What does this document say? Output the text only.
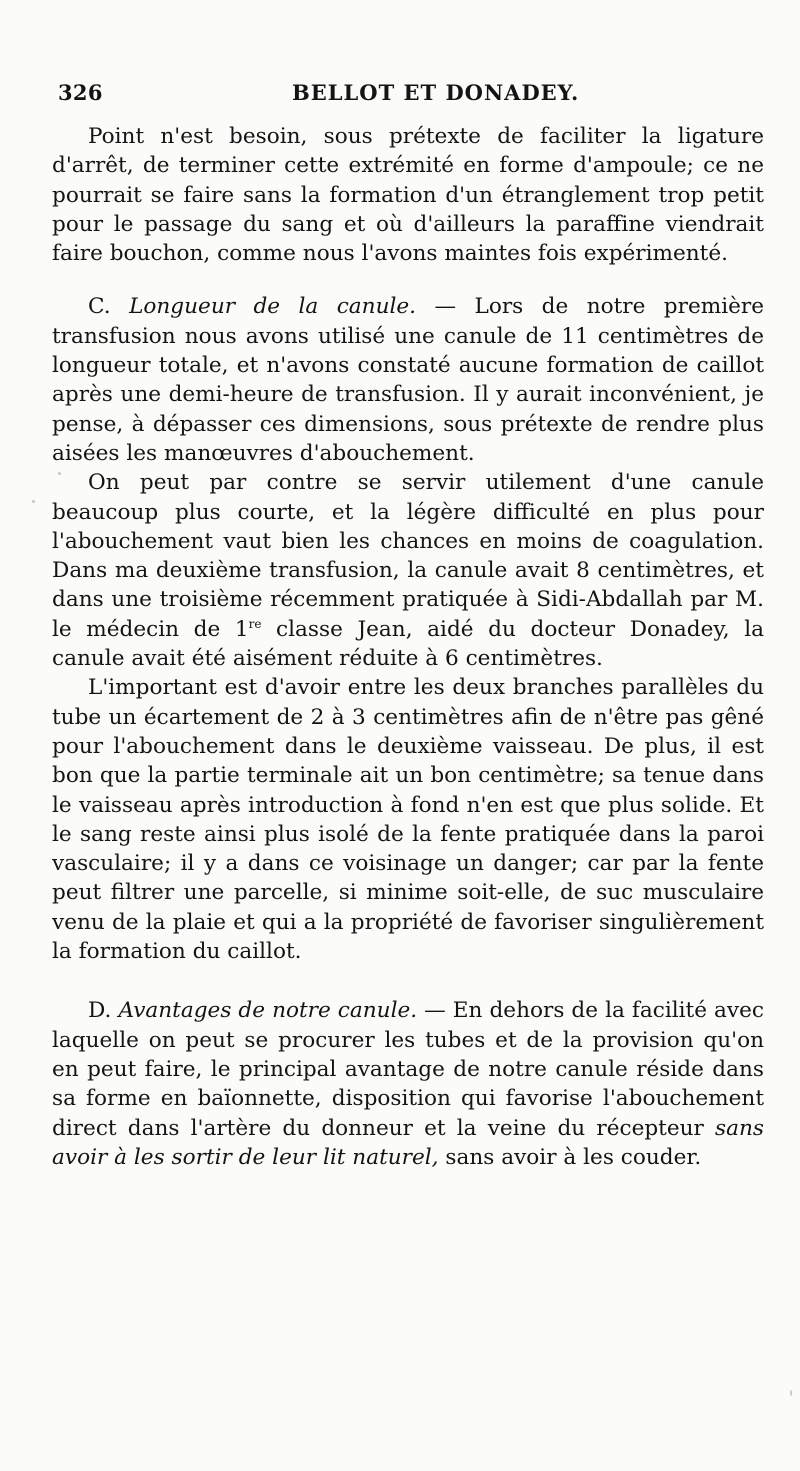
326	BELLOT ET DONADEY.

Point n'est besoin, sous prétexte de faciliter la ligature d'arrêt, de terminer cette extrémité en forme d'ampoule; ce ne pourrait se faire sans la formation d'un étranglement trop petit pour le passage du sang et où d'ailleurs la paraffine viendrait faire bouchon, comme nous l'avons maintes fois expérimenté.

C. Longueur de la canule. — Lors de notre première transfusion nous avons utilisé une canule de 11 centimètres de longueur totale, et n'avons constaté aucune formation de caillot après une demi-heure de transfusion. Il y aurait inconvénient, je pense, à dépasser ces dimensions, sous prétexte de rendre plus aisées les manœuvres d'abouchement.

On peut par contre se servir utilement d'une canule beaucoup plus courte, et la légère difficulté en plus pour l'abouchement vaut bien les chances en moins de coagulation. Dans ma deuxième transfusion, la canule avait 8 centimètres, et dans une troisième récemment pratiquée à Sidi-Abdallah par M. le médecin de 1re classe Jean, aidé du docteur Donadey, la canule avait été aisément réduite à 6 centimètres.

L'important est d'avoir entre les deux branches parallèles du tube un écartement de 2 à 3 centimètres afin de n'être pas gêné pour l'abouchement dans le deuxième vaisseau. De plus, il est bon que la partie terminale ait un bon centimètre; sa tenue dans le vaisseau après introduction à fond n'en est que plus solide. Et le sang reste ainsi plus isolé de la fente pratiquée dans la paroi vasculaire; il y a dans ce voisinage un danger; car par la fente peut filtrer une parcelle, si minime soit-elle, de suc musculaire venu de la plaie et qui a la propriété de favoriser singulièrement la formation du caillot.

D. Avantages de notre canule. — En dehors de la facilité avec laquelle on peut se procurer les tubes et de la provision qu'on en peut faire, le principal avantage de notre canule réside dans sa forme en baïonnette, disposition qui favorise l'abouchement direct dans l'artère du donneur et la veine du récepteur sans avoir à les sortir de leur lit naturel, sans avoir à les couder.
